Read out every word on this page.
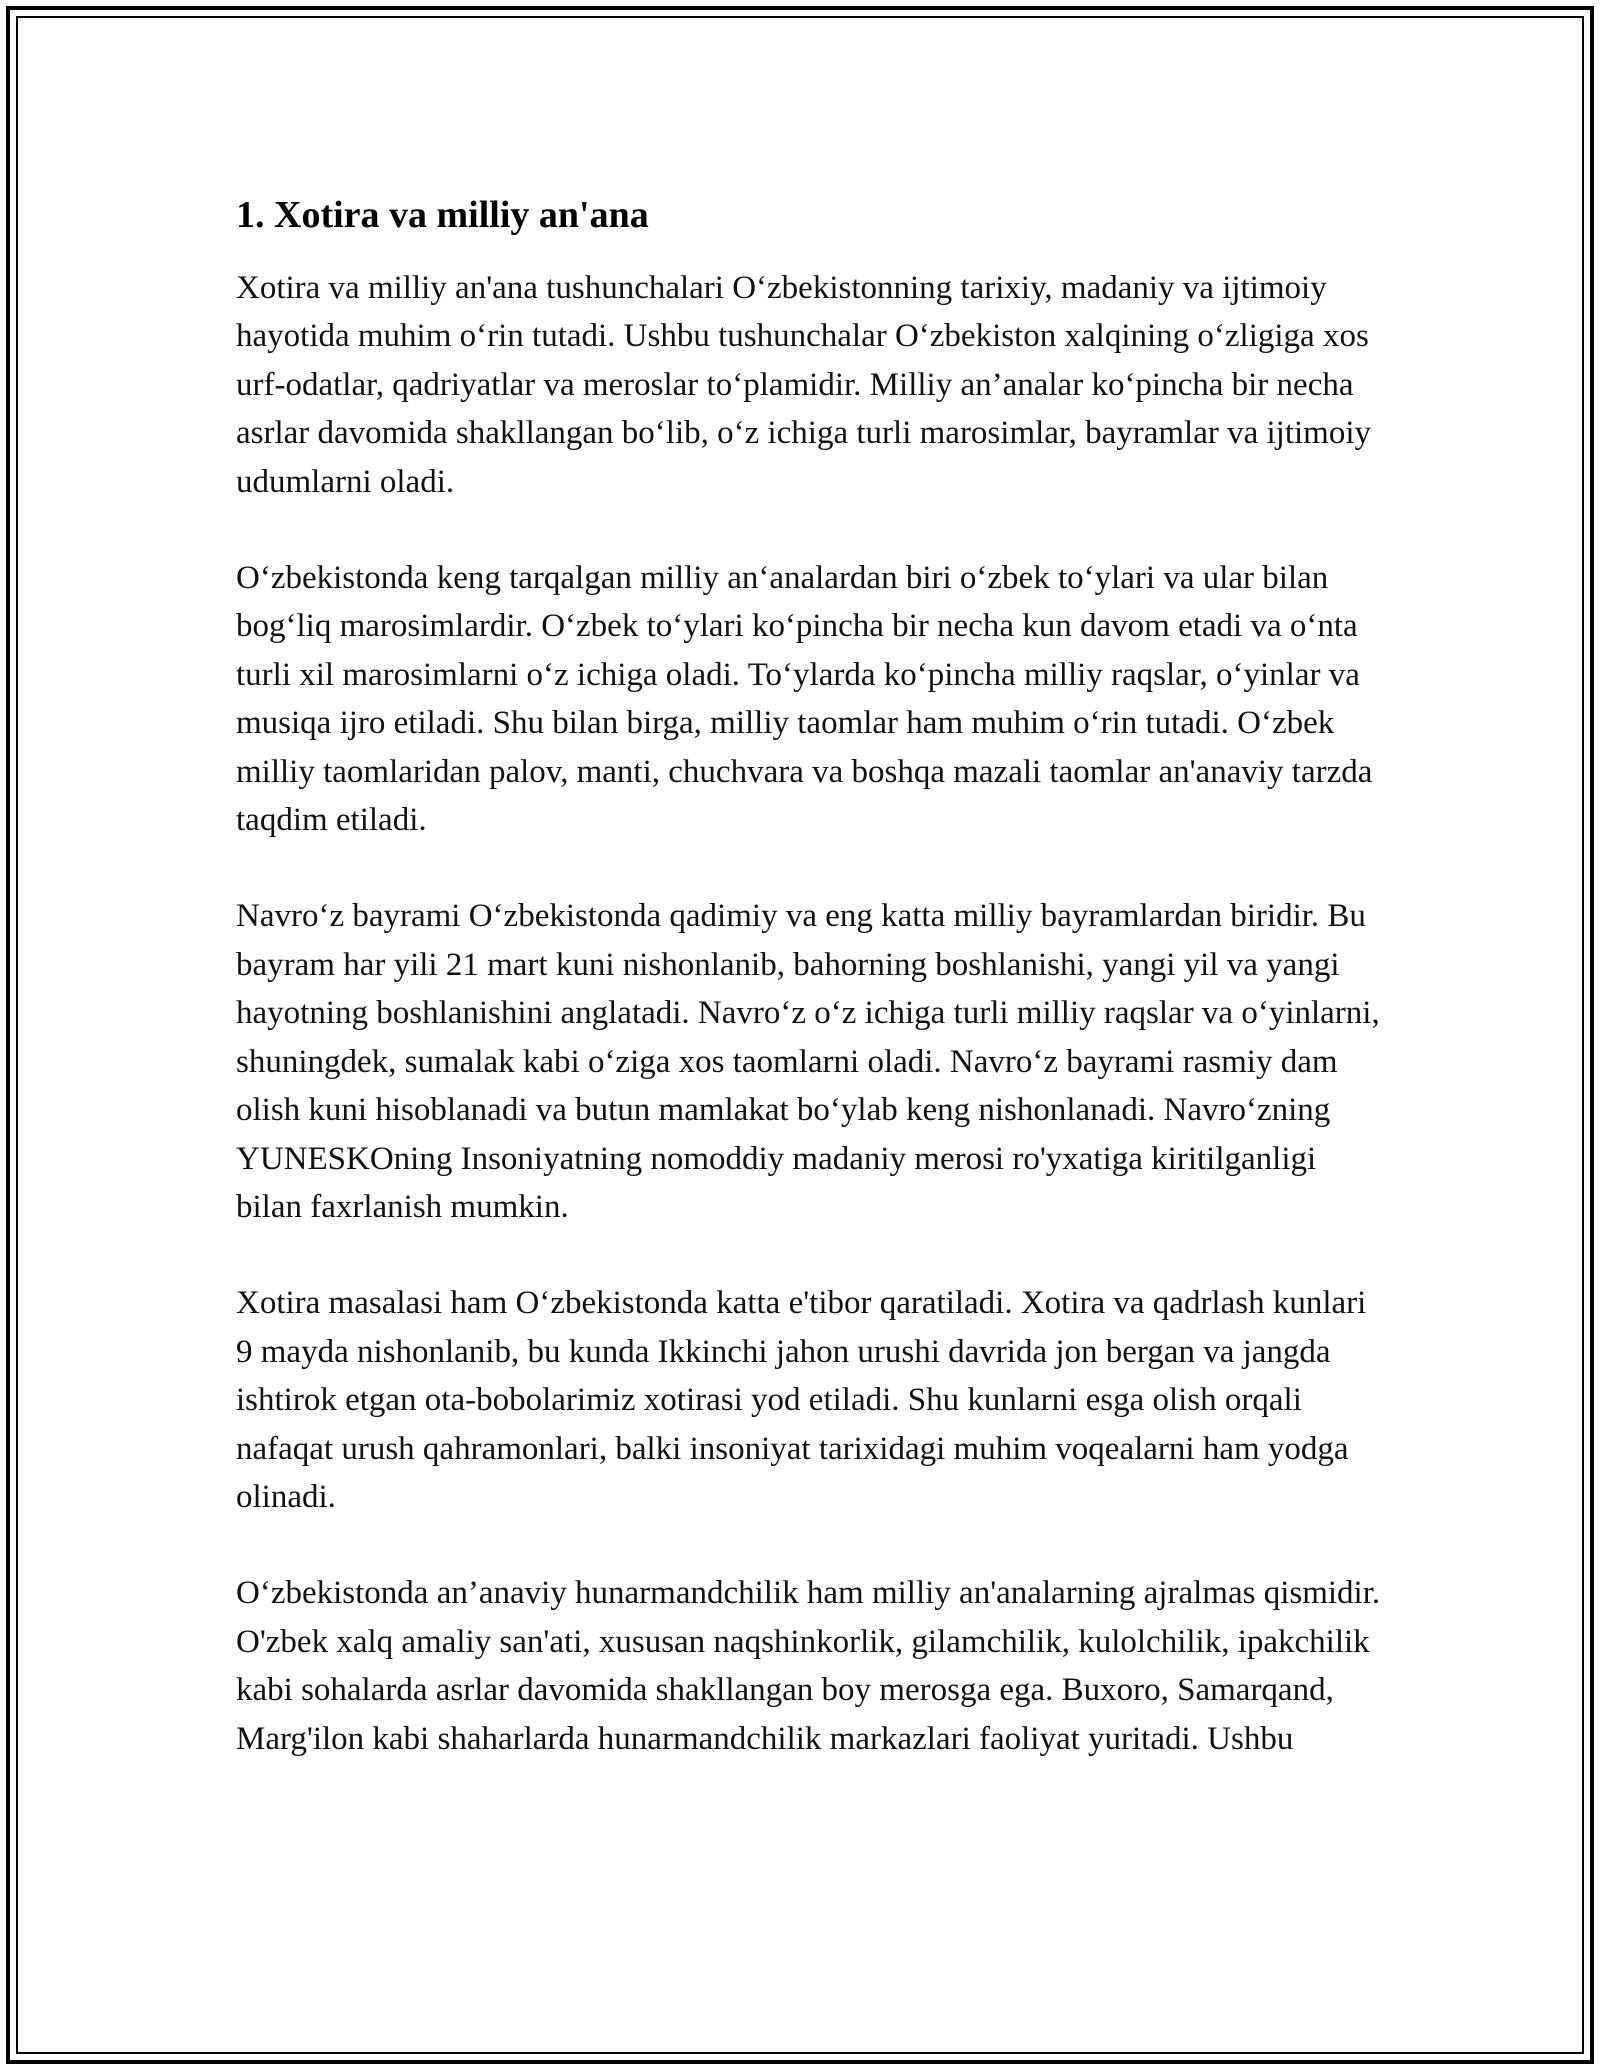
1. Xotira va milliy an'ana

Xotira va milliy an'ana tushunchalari O‘zbekistonning tarixiy, madaniy va ijtimoiy hayotida muhim o‘rin tutadi. Ushbu tushunchalar O‘zbekiston xalqining o‘zligiga xos urf-odatlar, qadriyatlar va meroslar to‘plamidir. Milliy an’analar ko‘pincha bir necha asrlar davomida shakllangan bo‘lib, o‘z ichiga turli marosimlar, bayramlar va ijtimoiy udumlarni oladi.

O‘zbekistonda keng tarqalgan milliy an‘analardan biri o‘zbek to‘ylari va ular bilan bog‘liq marosimlardir. O‘zbek to‘ylari ko‘pincha bir necha kun davom etadi va o‘nta turli xil marosimlarni o‘z ichiga oladi. To‘ylarda ko‘pincha milliy raqslar, o‘yinlar va musiqa ijro etiladi. Shu bilan birga, milliy taomlar ham muhim o‘rin tutadi. O‘zbek milliy taomlaridan palov, manti, chuchvara va boshqa mazali taomlar an'anaviy tarzda taqdim etiladi.

Navro‘z bayrami O‘zbekistonda qadimiy va eng katta milliy bayramlardan biridir. Bu bayram har yili 21 mart kuni nishonlanib, bahorning boshlanishi, yangi yil va yangi hayotning boshlanishini anglatadi. Navro‘z o‘z ichiga turli milliy raqslar va o‘yinlarni, shuningdek, sumalak kabi o‘ziga xos taomlarni oladi. Navro‘z bayrami rasmiy dam olish kuni hisoblanadi va butun mamlakat bo‘ylab keng nishonlanadi. Navro‘zning YUNESKOning Insoniyatning nomoddiy madaniy merosi ro'yxatiga kiritilganligi bilan faxrlanish mumkin.

Xotira masalasi ham O‘zbekistonda katta e'tibor qaratiladi. Xotira va qadrlash kunlari 9 mayda nishonlanib, bu kunda Ikkinchi jahon urushi davrida jon bergan va jangda ishtirok etgan ota-bobolarimiz xotirasi yod etiladi. Shu kunlarni esga olish orqali nafaqat urush qahramonlari, balki insoniyat tarixidagi muhim voqealarni ham yodga olinadi.

O‘zbekistonda an’anaviy hunarmandchilik ham milliy an'analarning ajralmas qismidir. O'zbek xalq amaliy san'ati, xususan naqshinkorlik, gilamchilik, kulolchilik, ipakchilik kabi sohalarda asrlar davomida shakllangan boy merosga ega. Buxoro, Samarqand, Marg'ilon kabi shaharlarda hunarmandchilik markazlari faoliyat yuritadi. Ushbu
